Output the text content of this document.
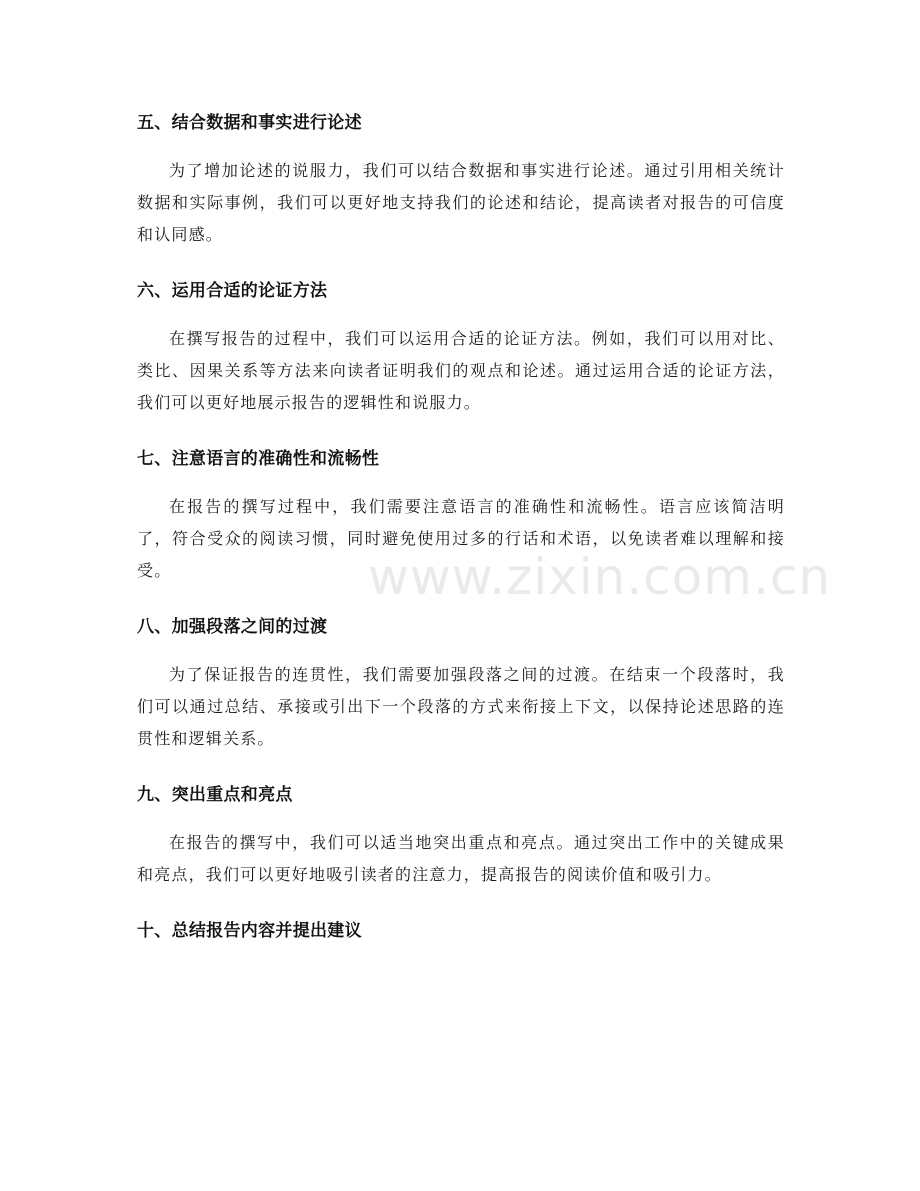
五、结合数据和事实进行论述

为了增加论述的说服力，我们可以结合数据和事实进行论述。通过引用相关统计数据和实际事例，我们可以更好地支持我们的论述和结论，提高读者对报告的可信度和认同感。

六、运用合适的论证方法

在撰写报告的过程中，我们可以运用合适的论证方法。例如，我们可以用对比、类比、因果关系等方法来向读者证明我们的观点和论述。通过运用合适的论证方法，我们可以更好地展示报告的逻辑性和说服力。

七、注意语言的准确性和流畅性

在报告的撰写过程中，我们需要注意语言的准确性和流畅性。语言应该简洁明了，符合受众的阅读习惯，同时避免使用过多的行话和术语，以免读者难以理解和接受。

八、加强段落之间的过渡

为了保证报告的连贯性，我们需要加强段落之间的过渡。在结束一个段落时，我们可以通过总结、承接或引出下一个段落的方式来衔接上下文，以保持论述思路的连贯性和逻辑关系。

九、突出重点和亮点

在报告的撰写中，我们可以适当地突出重点和亮点。通过突出工作中的关键成果和亮点，我们可以更好地吸引读者的注意力，提高报告的阅读价值和吸引力。

十、总结报告内容并提出建议
www.zixin.com.cn
